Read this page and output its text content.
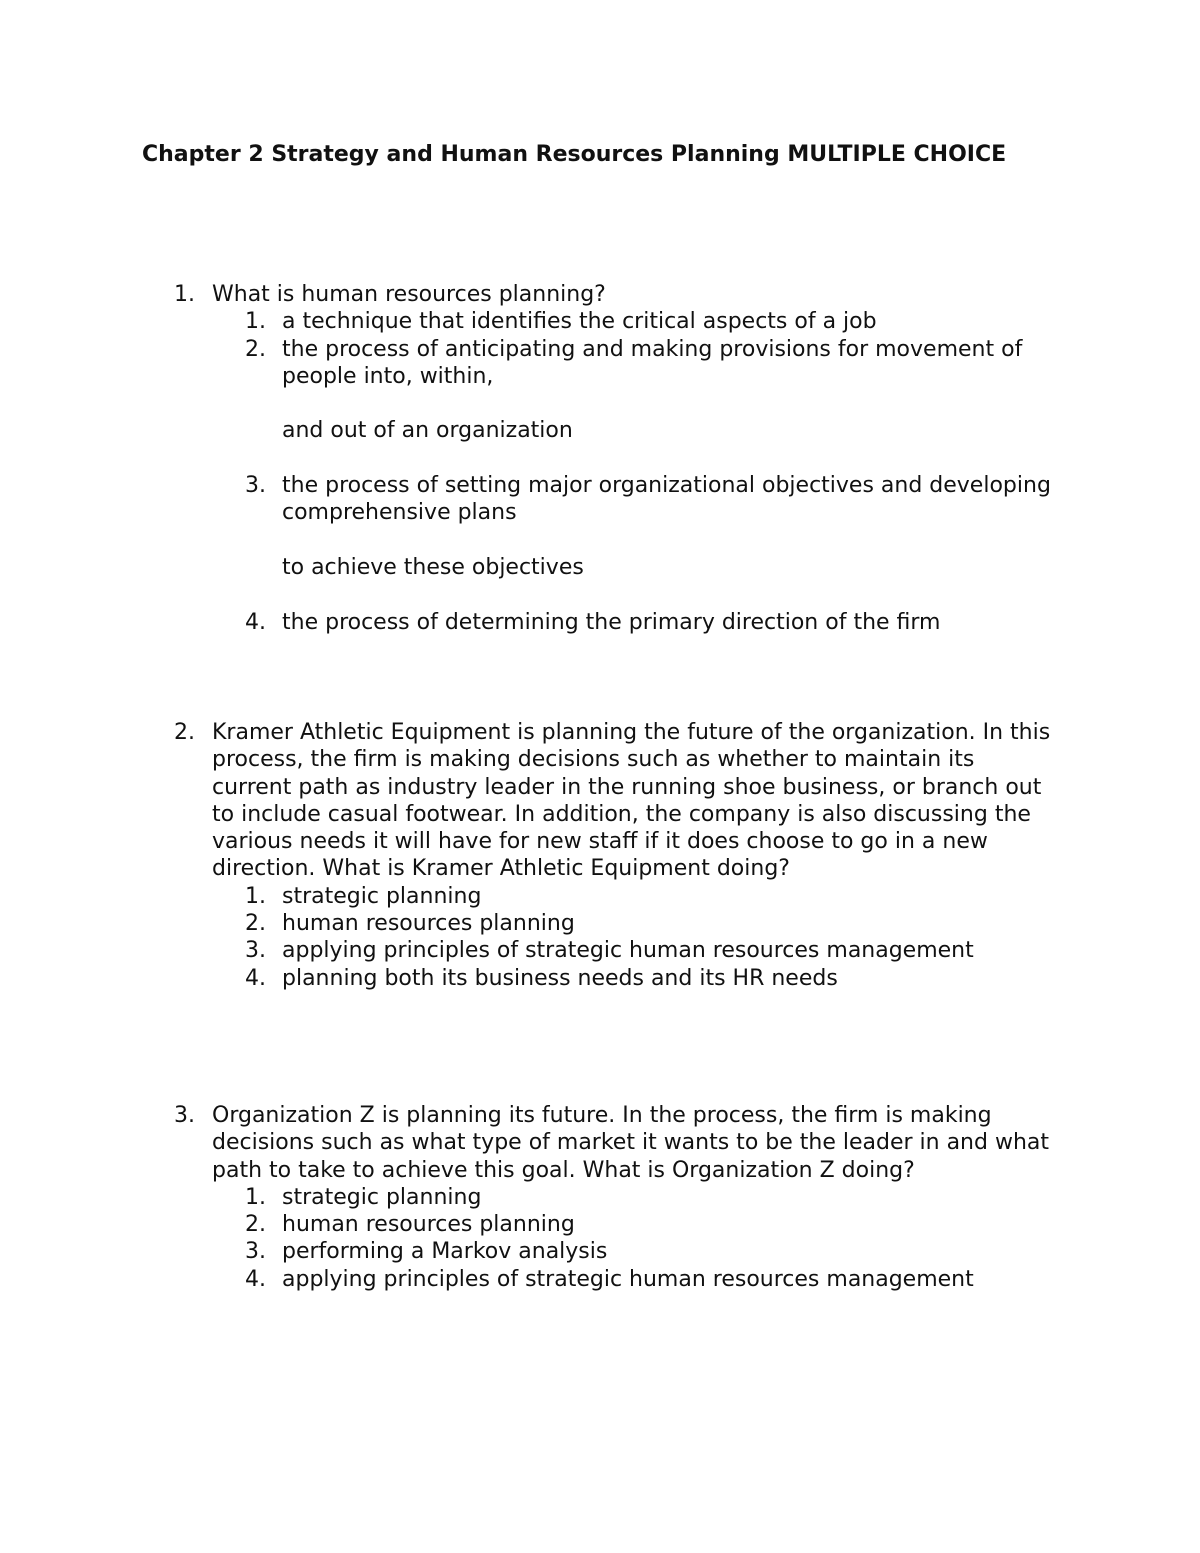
Chapter 2 Strategy and Human Resources Planning MULTIPLE CHOICE
1. What is human resources planning?
1. a technique that identifies the critical aspects of a job
2. the process of anticipating and making provisions for movement of people into, within,
and out of an organization
3. the process of setting major organizational objectives and developing comprehensive plans
to achieve these objectives
4. the process of determining the primary direction of the firm
2. Kramer Athletic Equipment is planning the future of the organization. In this process, the firm is making decisions such as whether to maintain its current path as industry leader in the running shoe business, or branch out to include casual footwear. In addition, the company is also discussing the various needs it will have for new staff if it does choose to go in a new direction. What is Kramer Athletic Equipment doing?
1. strategic planning
2. human resources planning
3. applying principles of strategic human resources management
4. planning both its business needs and its HR needs
3. Organization Z is planning its future. In the process, the firm is making decisions such as what type of market it wants to be the leader in and what path to take to achieve this goal. What is Organization Z doing?
1. strategic planning
2. human resources planning
3. performing a Markov analysis
4. applying principles of strategic human resources management
